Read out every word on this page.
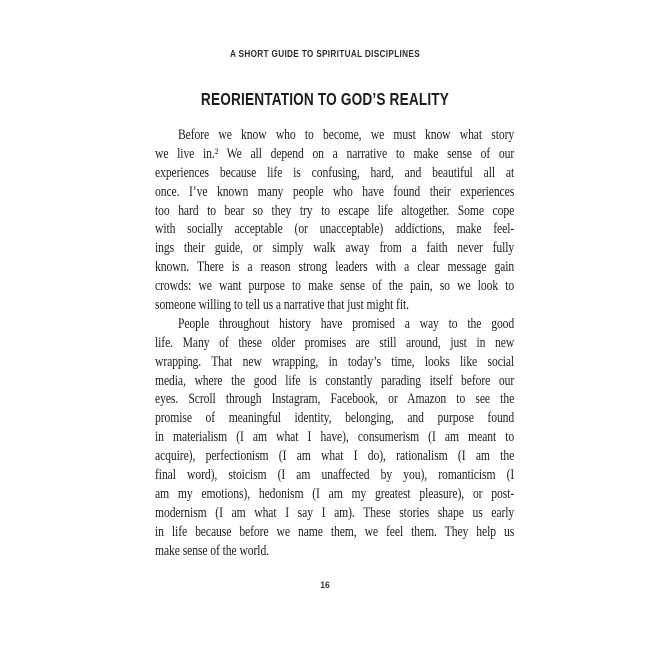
A SHORT GUIDE TO SPIRITUAL DISCIPLINES
REORIENTATION TO GOD’S REALITY
Before we know who to become, we must know what story
we live in.² We all depend on a narrative to make sense of our
experiences because life is confusing, hard, and beautiful all at
once. I’ve known many people who have found their experiences
too hard to bear so they try to escape life altogether. Some cope
with socially acceptable (or unacceptable) addictions, make feel-
ings their guide, or simply walk away from a faith never fully
known. There is a reason strong leaders with a clear message gain
crowds: we want purpose to make sense of the pain, so we look to
someone willing to tell us a narrative that just might fit.
People throughout history have promised a way to the good
life. Many of these older promises are still around, just in new
wrapping. That new wrapping, in today’s time, looks like social
media, where the good life is constantly parading itself before our
eyes. Scroll through Instagram, Facebook, or Amazon to see the
promise of meaningful identity, belonging, and purpose found
in materialism (I am what I have), consumerism (I am meant to
acquire), perfectionism (I am what I do), rationalism (I am the
final word), stoicism (I am unaffected by you), romanticism (I
am my emotions), hedonism (I am my greatest pleasure), or post-
modernism (I am what I say I am). These stories shape us early
in life because before we name them, we feel them. They help us
make sense of the world.
16
